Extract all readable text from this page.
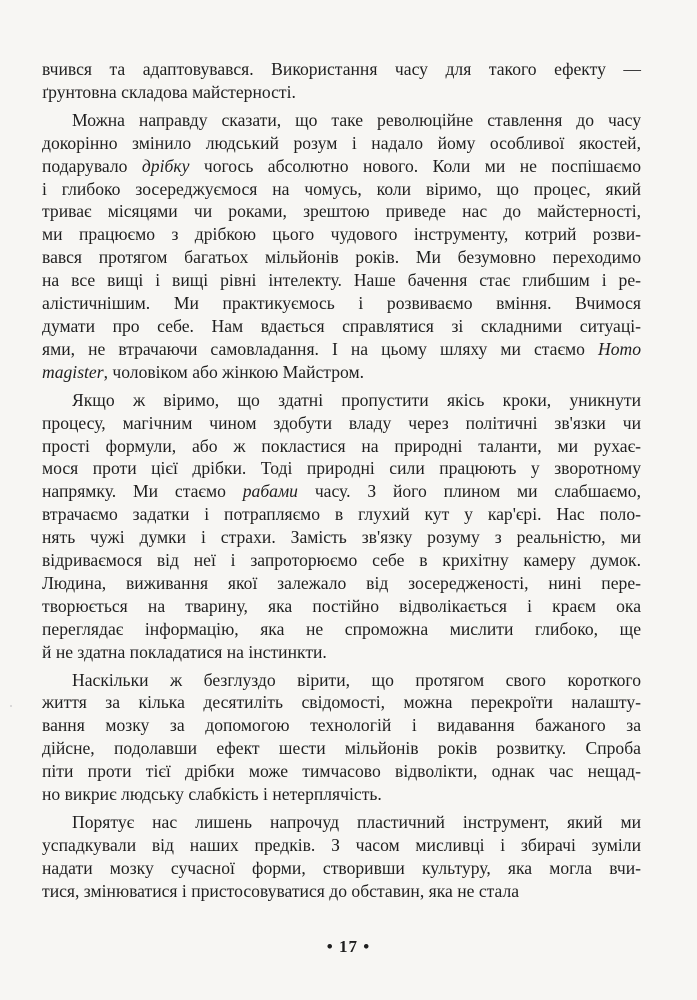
вчився та адаптовувався. Використання часу для такого ефекту —
ґрунтовна складова майстерності.

Можна направду сказати, що таке революційне ставлення до часу
докорінно змінило людський розум і надало йому особливої якостей,
подарувало дрібку чогось абсолютно нового. Коли ми не поспішаємо
і глибоко зосереджуємося на чомусь, коли віримо, що процес, який
триває місяцями чи роками, зрештою приведе нас до майстерності,
ми працюємо з дрібкою цього чудового інструменту, котрий розви-
вався протягом багатьох мільйонів років. Ми безумовно переходимо
на все вищі і вищі рівні інтелекту. Наше бачення стає глибшим і ре-
алістичнішим. Ми практикуємось і розвиваємо вміння. Вчимося
думати про себе. Нам вдається справлятися зі складними ситуаці-
ями, не втрачаючи самовладання. І на цьому шляху ми стаємо Homo
magister, чоловіком або жінкою Майстром.

Якщо ж віримо, що здатні пропустити якісь кроки, уникнути
процесу, магічним чином здобути владу через політичні зв'язки чи
прості формули, або ж покластися на природні таланти, ми рухає-
мося проти цієї дрібки. Тоді природні сили працюють у зворотному
напрямку. Ми стаємо рабами часу. З його плином ми слабшаємо,
втрачаємо задатки і потрапляємо в глухий кут у кар'єрі. Нас поло-
нять чужі думки і страхи. Замість зв'язку розуму з реальністю, ми
відриваємося від неї і запроторюємо себе в крихітну камеру думок.
Людина, виживання якої залежало від зосередженості, нині пере-
творюється на тварину, яка постійно відволікається і краєм ока
переглядає інформацію, яка не спроможна мислити глибоко, ще
й не здатна покладатися на інстинкти.

Наскільки ж безглуздо вірити, що протягом свого короткого
життя за кілька десятиліть свідомості, можна перекроїти налашту-
вання мозку за допомогою технологій і видавання бажаного за
дійсне, подолавши ефект шести мільйонів років розвитку. Спроба
піти проти тієї дрібки може тимчасово відволікти, однак час нещад-
но викриє людську слабкість і нетерплячість.

Порятує нас лишень напрочуд пластичний інструмент, який ми
успадкували від наших предків. З часом мисливці і збирачі зуміли
надати мозку сучасної форми, створивши культуру, яка могла вчи-
тися, змінюватися і пристосовуватися до обставин, яка не стала

• 17 •
